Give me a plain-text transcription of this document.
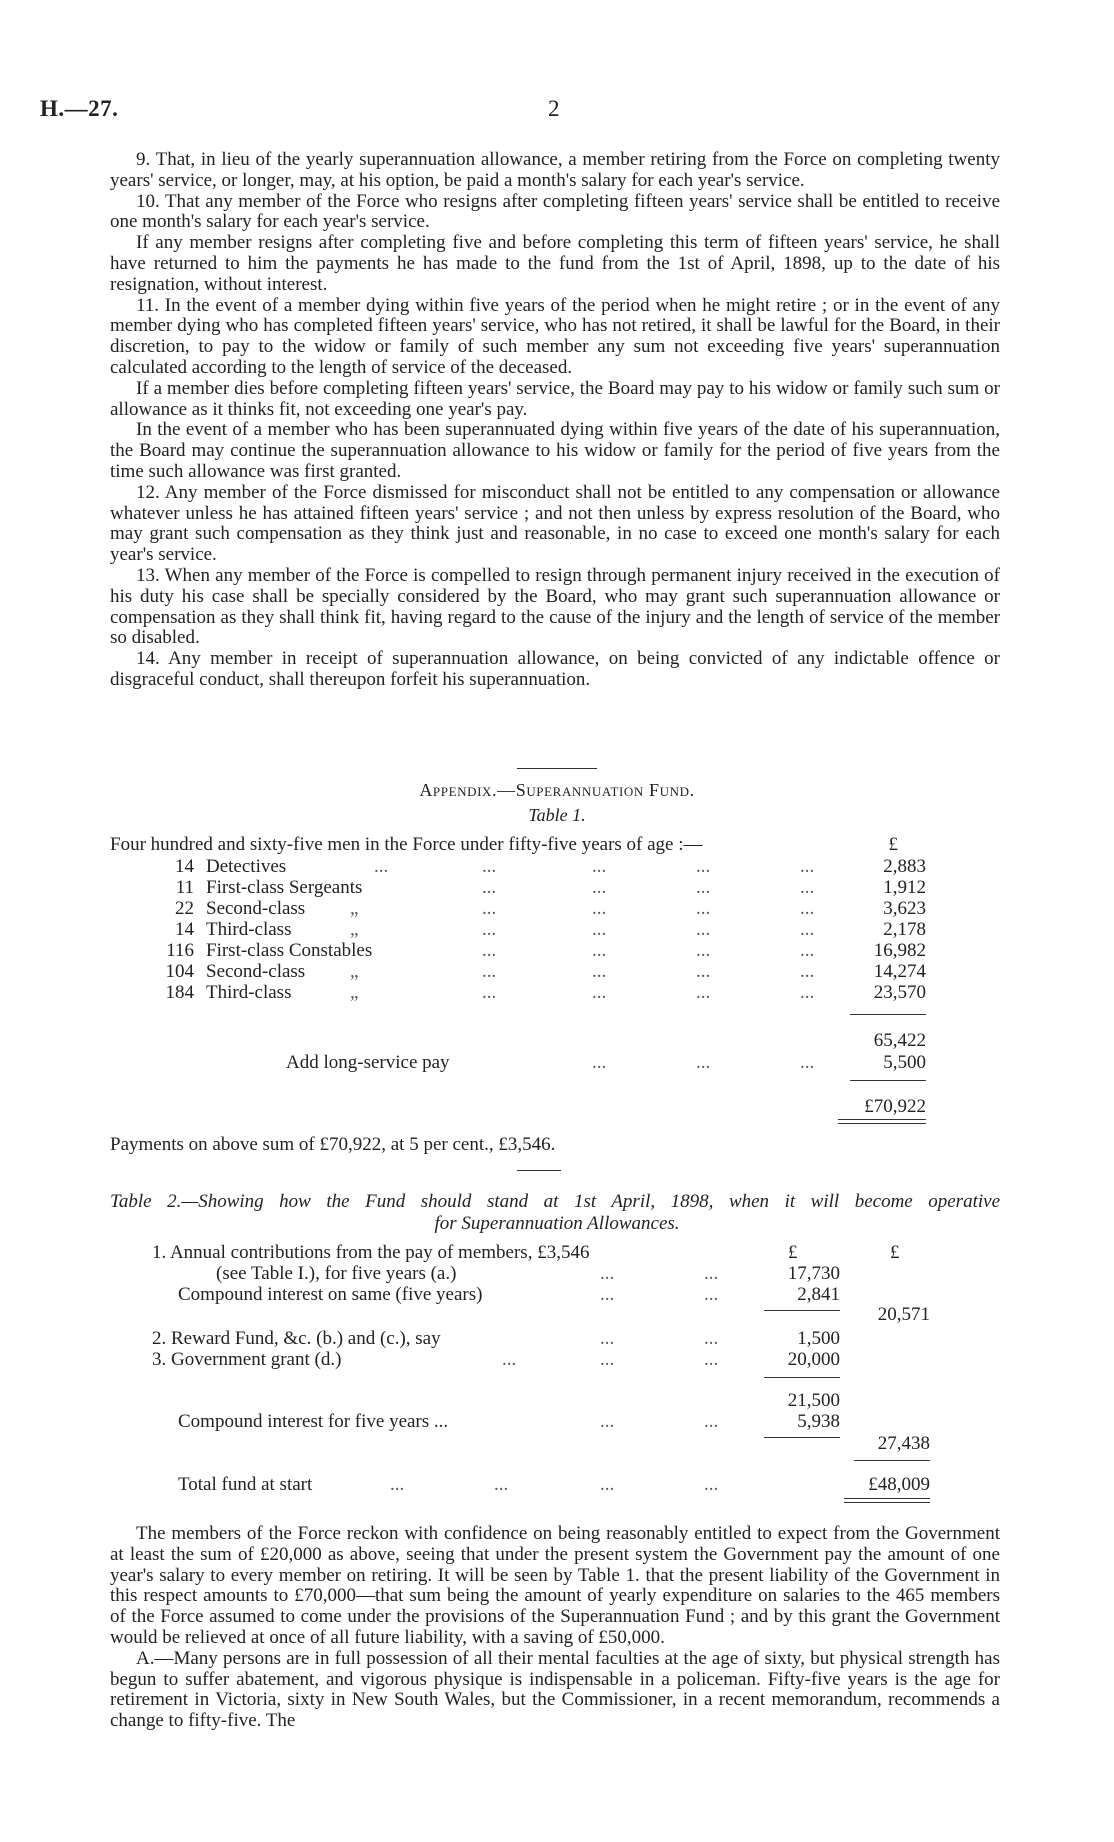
H.—27.	2

9. That, in lieu of the yearly superannuation allowance, a member retiring from the Force on completing twenty years' service, or longer, may, at his option, be paid a month's salary for each year's service.

10. That any member of the Force who resigns after completing fifteen years' service shall be entitled to receive one month's salary for each year's service.

If any member resigns after completing five and before completing this term of fifteen years' service, he shall have returned to him the payments he has made to the fund from the 1st of April, 1898, up to the date of his resignation, without interest.

11. In the event of a member dying within five years of the period when he might retire ; or in the event of any member dying who has completed fifteen years' service, who has not retired, it shall be lawful for the Board, in their discretion, to pay to the widow or family of such member any sum not exceeding five years' superannuation calculated according to the length of service of the deceased.

If a member dies before completing fifteen years' service, the Board may pay to his widow or family such sum or allowance as it thinks fit, not exceeding one year's pay.

In the event of a member who has been superannuated dying within five years of the date of his superannuation, the Board may continue the superannuation allowance to his widow or family for the period of five years from the time such allowance was first granted.

12. Any member of the Force dismissed for misconduct shall not be entitled to any compensation or allowance whatever unless he has attained fifteen years' service ; and not then unless by express resolution of the Board, who may grant such compensation as they think just and reasonable, in no case to exceed one month's salary for each year's service.

13. When any member of the Force is compelled to resign through permanent injury received in the execution of his duty his case shall be specially considered by the Board, who may grant such superannuation allowance or compensation as they shall think fit, having regard to the cause of the injury and the length of service of the member so disabled.

14. Any member in receipt of superannuation allowance, on being convicted of any indictable offence or disgraceful conduct, shall thereupon forfeit his superannuation.

Appendix.—Superannuation Fund.
Table 1.
Four hundred and sixty-five men in the Force under fifty-five years of age :—	£
14 Detectives	...	...	...	...	...	2,883
11 First-class Sergeants	...	...	...	...	1,912
22 Second-class „	...	...	...	...	3,623
14 Third-class	„	...	...	...	...	2,178
116 First-class Constables	...	...	...	...	16,982
104 Second-class „	...	...	...	...	14,274
184 Third-class	„	...	...	...	...	23,570
65,422
Add long-service pay	...	...	...	5,500
£70,922
Payments on above sum of £70,922, at 5 per cent., £3,546.
Table 2.—Showing how the Fund should stand at 1st April, 1898, when it will become operative
for Superannuation Allowances.
1. Annual contributions from the pay of members, £3,546	£	£
(see Table I.), for five years (a.)	...	...	17,730
Compound interest on same (five years)	...	...	2,841
20,571
2. Reward Fund, &c. (b.) and (c.), say	...	...	1,500
3. Government grant (d.)	...	...	...	20,000
21,500
Compound interest for five years ...	...	...	5,938
27,438
Total fund at start	...	...	...	...	£48,009

The members of the Force reckon with confidence on being reasonably entitled to expect from the Government at least the sum of £20,000 as above, seeing that under the present system the Government pay the amount of one year's salary to every member on retiring. It will be seen by Table 1. that the present liability of the Government in this respect amounts to £70,000—that sum being the amount of yearly expenditure on salaries to the 465 members of the Force assumed to come under the provisions of the Superannuation Fund ; and by this grant the Government would be relieved at once of all future liability, with a saving of £50,000.

A.—Many persons are in full possession of all their mental faculties at the age of sixty, but physical strength has begun to suffer abatement, and vigorous physique is indispensable in a policeman. Fifty-five years is the age for retirement in Victoria, sixty in New South Wales, but the Commissioner, in a recent memorandum, recommends a change to fifty-five. The
